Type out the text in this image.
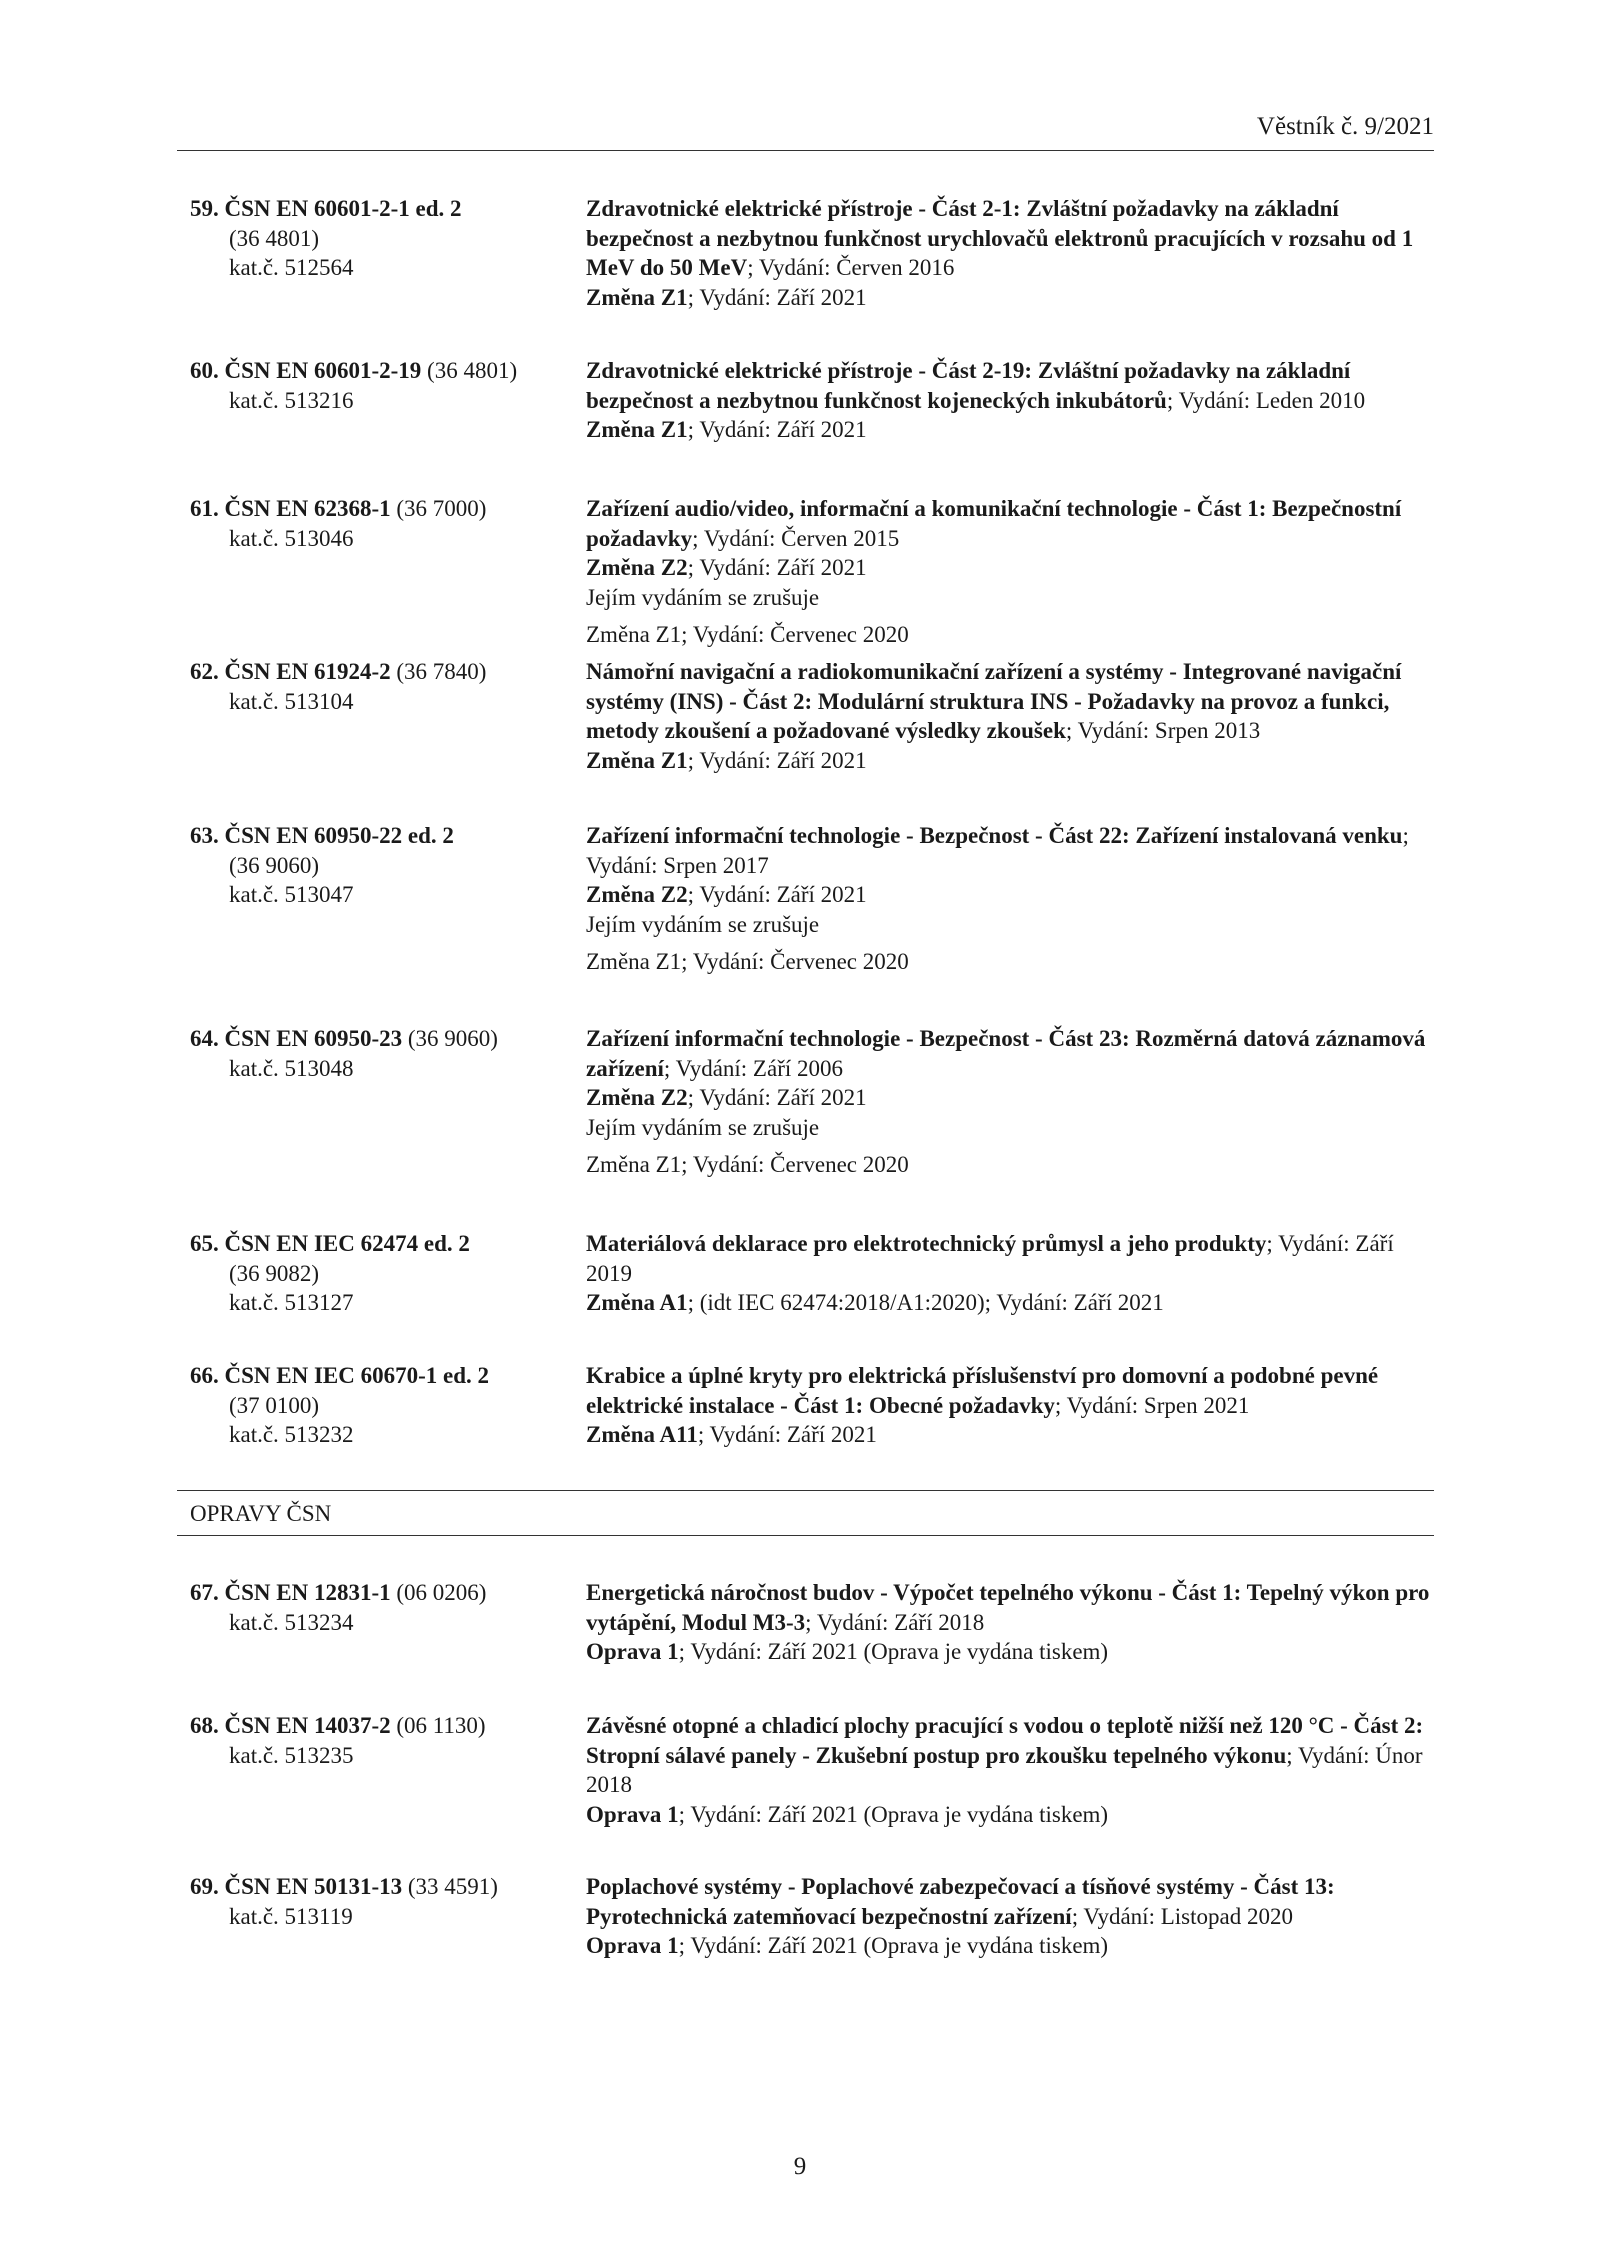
Věstník č. 9/2021
59. ČSN EN 60601-2-1 ed. 2
(36 4801)
kat.č. 512564
Zdravotnické elektrické přístroje - Část 2-1: Zvláštní požadavky na základní bezpečnost a nezbytnou funkčnost urychlovačů elektronů pracujících v rozsahu od 1 MeV do 50 MeV; Vydání: Červen 2016
Změna Z1; Vydání: Září 2021
60. ČSN EN 60601-2-19 (36 4801)
kat.č. 513216
Zdravotnické elektrické přístroje - Část 2-19: Zvláštní požadavky na základní bezpečnost a nezbytnou funkčnost kojeneckých inkubátorů; Vydání: Leden 2010
Změna Z1; Vydání: Září 2021
61. ČSN EN 62368-1 (36 7000)
kat.č. 513046
Zařízení audio/video, informační a komunikační technologie - Část 1: Bezpečnostní požadavky; Vydání: Červen 2015
Změna Z2; Vydání: Září 2021
Jejím vydáním se zrušuje
Změna Z1; Vydání: Červenec 2020
62. ČSN EN 61924-2 (36 7840)
kat.č. 513104
Námořní navigační a radiokomunikační zařízení a systémy - Integrované navigační systémy (INS) - Část 2: Modulární struktura INS - Požadavky na provoz a funkci, metody zkoušení a požadované výsledky zkoušek; Vydání: Srpen 2013
Změna Z1; Vydání: Září 2021
63. ČSN EN 60950-22 ed. 2
(36 9060)
kat.č. 513047
Zařízení informační technologie - Bezpečnost - Část 22: Zařízení instalovaná venku; Vydání: Srpen 2017
Změna Z2; Vydání: Září 2021
Jejím vydáním se zrušuje
Změna Z1; Vydání: Červenec 2020
64. ČSN EN 60950-23 (36 9060)
kat.č. 513048
Zařízení informační technologie - Bezpečnost - Část 23: Rozměrná datová záznamová zařízení; Vydání: Září 2006
Změna Z2; Vydání: Září 2021
Jejím vydáním se zrušuje
Změna Z1; Vydání: Červenec 2020
65. ČSN EN IEC 62474 ed. 2
(36 9082)
kat.č. 513127
Materiálová deklarace pro elektrotechnický průmysl a jeho produkty; Vydání: Září 2019
Změna A1; (idt IEC 62474:2018/A1:2020); Vydání: Září 2021
66. ČSN EN IEC 60670-1 ed. 2
(37 0100)
kat.č. 513232
Krabice a úplné kryty pro elektrická příslušenství pro domovní a podobné pevné elektrické instalace - Část 1: Obecné požadavky; Vydání: Srpen 2021
Změna A11; Vydání: Září 2021
OPRAVY ČSN
67. ČSN EN 12831-1 (06 0206)
kat.č. 513234
Energetická náročnost budov - Výpočet tepelného výkonu - Část 1: Tepelný výkon pro vytápění, Modul M3-3; Vydání: Září 2018
Oprava 1; Vydání: Září 2021 (Oprava je vydána tiskem)
68. ČSN EN 14037-2 (06 1130)
kat.č. 513235
Závěsné otopné a chladicí plochy pracující s vodou o teplotě nižší než 120 °C - Část 2: Stropní sálavé panely - Zkušební postup pro zkoušku tepelného výkonu; Vydání: Únor 2018
Oprava 1; Vydání: Září 2021 (Oprava je vydána tiskem)
69. ČSN EN 50131-13 (33 4591)
kat.č. 513119
Poplachové systémy - Poplachové zabezpečovací a tísňové systémy - Část 13: Pyrotechnická zatemňovací bezpečnostní zařízení; Vydání: Listopad 2020
Oprava 1; Vydání: Září 2021 (Oprava je vydána tiskem)
9
